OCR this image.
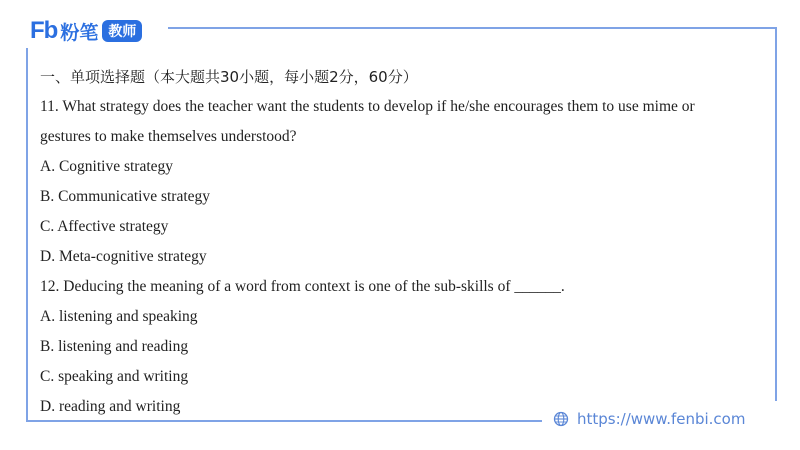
Fb 粉笔 教师
一、单项选择题（本大题共30小题，每小题2分，60分）
11. What strategy does the teacher want the students to develop if he/she encourages them to use mime or
gestures to make themselves understood?
A. Cognitive strategy
B. Communicative strategy
C. Affective strategy
D. Meta-cognitive strategy
12. Deducing the meaning of a word from context is one of the sub-skills of ______.
A. listening and speaking
B. listening and reading
C. speaking and writing
D. reading and writing
https://www.fenbi.com
